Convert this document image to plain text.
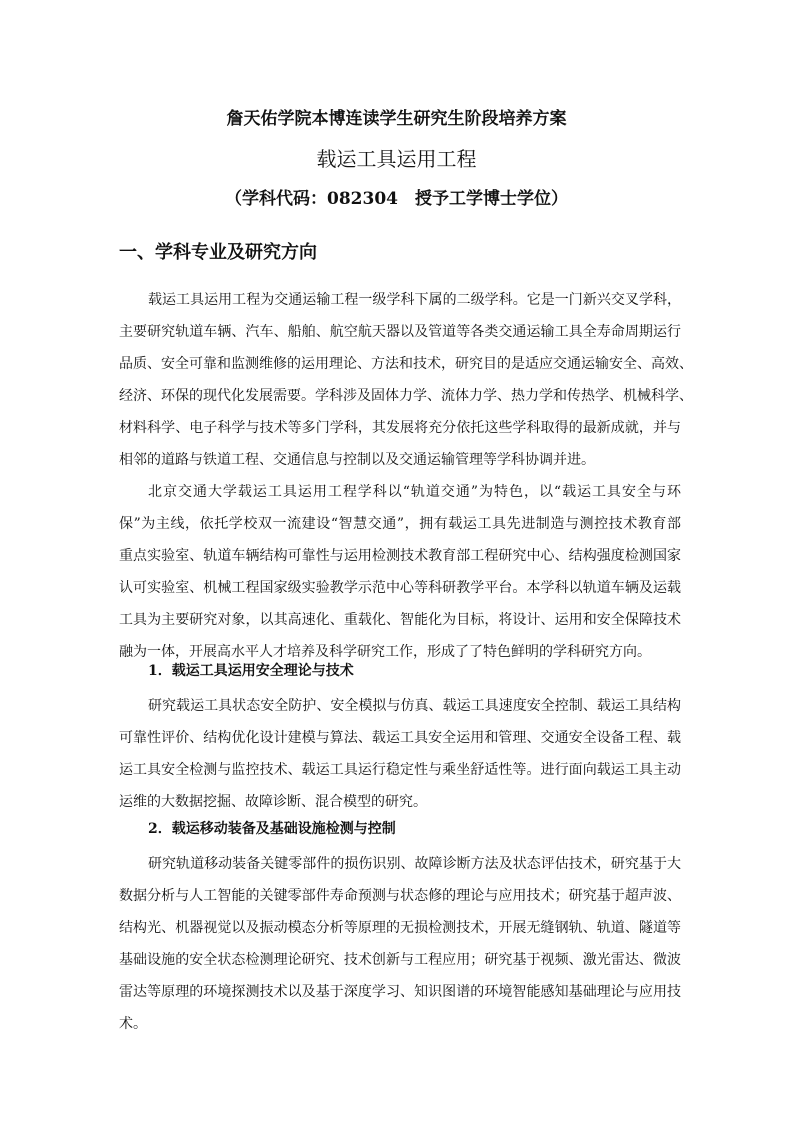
詹天佑学院本博连读学生研究生阶段培养方案
载运工具运用工程
（学科代码：082304　授予工学博士学位）
一、学科专业及研究方向
载运工具运用工程为交通运输工程一级学科下属的二级学科。它是一门新兴交叉学科，
主要研究轨道车辆、汽车、船舶、航空航天器以及管道等各类交通运输工具全寿命周期运行
品质、安全可靠和监测维修的运用理论、方法和技术，研究目的是适应交通运输安全、高效、
经济、环保的现代化发展需要。学科涉及固体力学、流体力学、热力学和传热学、机械科学、
材料科学、电子科学与技术等多门学科，其发展将充分依托这些学科取得的最新成就，并与
相邻的道路与铁道工程、交通信息与控制以及交通运输管理等学科协调并进。
北京交通大学载运工具运用工程学科以“轨道交通”为特色，以“载运工具安全与环
保”为主线，依托学校双一流建设“智慧交通”，拥有载运工具先进制造与测控技术教育部
重点实验室、轨道车辆结构可靠性与运用检测技术教育部工程研究中心、结构强度检测国家
认可实验室、机械工程国家级实验教学示范中心等科研教学平台。本学科以轨道车辆及运载
工具为主要研究对象，以其高速化、重载化、智能化为目标，将设计、运用和安全保障技术
融为一体，开展高水平人才培养及科学研究工作，形成了了特色鲜明的学科研究方向。
1．载运工具运用安全理论与技术
研究载运工具状态安全防护、安全模拟与仿真、载运工具速度安全控制、载运工具结构
可靠性评价、结构优化设计建模与算法、载运工具安全运用和管理、交通安全设备工程、载
运工具安全检测与监控技术、载运工具运行稳定性与乘坐舒适性等。进行面向载运工具主动
运维的大数据挖掘、故障诊断、混合模型的研究。
2．载运移动装备及基础设施检测与控制
研究轨道移动装备关键零部件的损伤识别、故障诊断方法及状态评估技术，研究基于大
数据分析与人工智能的关键零部件寿命预测与状态修的理论与应用技术；研究基于超声波、
结构光、机器视觉以及振动模态分析等原理的无损检测技术，开展无缝钢轨、轨道、隧道等
基础设施的安全状态检测理论研究、技术创新与工程应用；研究基于视频、激光雷达、微波
雷达等原理的环境探测技术以及基于深度学习、知识图谱的环境智能感知基础理论与应用技
术。
